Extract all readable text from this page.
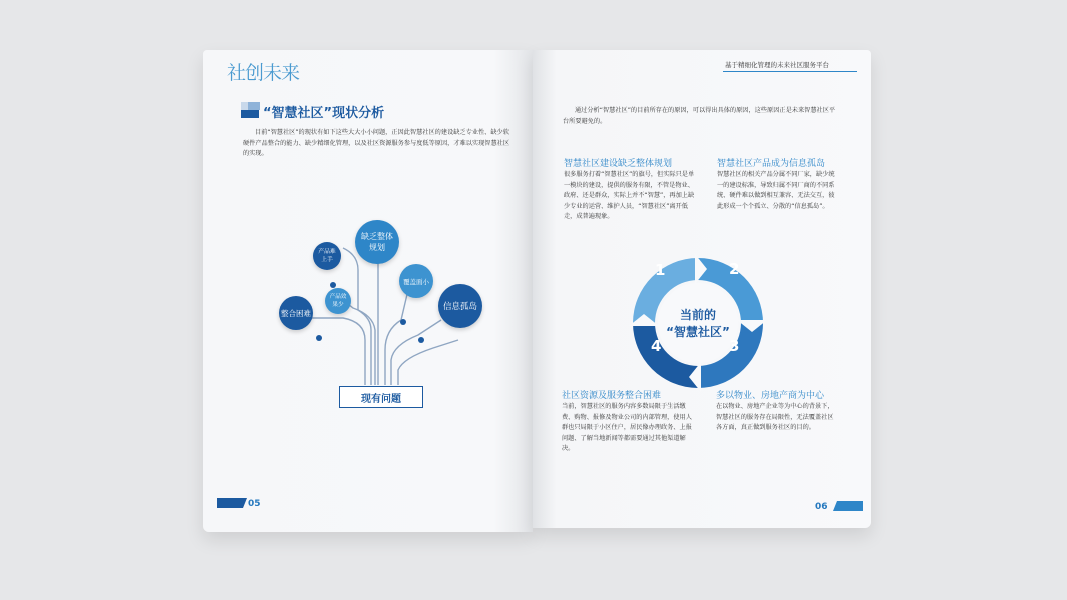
社创未来
“智慧社区”现状分析
目前“智慧社区”的现状有如下这些大大小小问题，正因此智慧社区的建设缺乏专业性、缺少软硬件产品整合的能力、缺少精细化管理，以及社区资源服务参与度低等原因，才难以实现智慧社区的实现。
整合困难
产品难上手
产品效果少
缺乏整体规划
覆盖面小
信息孤岛
现有问题
05
基于精细化管理的未来社区服务平台
通过分析“智慧社区”的目前所存在的原因，可以得出具体的原因，这些原因正是未来智慧社区平台所要避免的。
智慧社区建设缺乏整体规划
很多服务打着“智慧社区”的旗号，但实际只是单一模块的建设，提供的服务有限，不管是物业、政府、还是群众，实际上并不“智慧”，再加上缺少专业的运营、维护人员，“智慧社区”离开低走，成普遍现象。
智慧社区产品成为信息孤岛
智慧社区的相关产品分属不同厂家，缺少统一的建设标准，导致归属不同厂商的不同系统、硬件难以做到相互兼容、无法交互，彼此形成一个个孤立、分散的“信息孤岛”。
1	2
3
4
当前的
“智慧社区”
社区资源及服务整合困难
当前，智慧社区的服务内容多数局限于生活缴费、购物、报修及物业公司的内部管理，使用人群也只局限于小区住户，居民像办理政务、上报问题、了解当地新闻等都需要通过其他渠道解决。
多以物业、房地产商为中心
在以物业、房地产企业等为中心的背景下，智慧社区的服务存在局限性，无法覆盖社区各方面，真正做到服务社区的目的。
06
